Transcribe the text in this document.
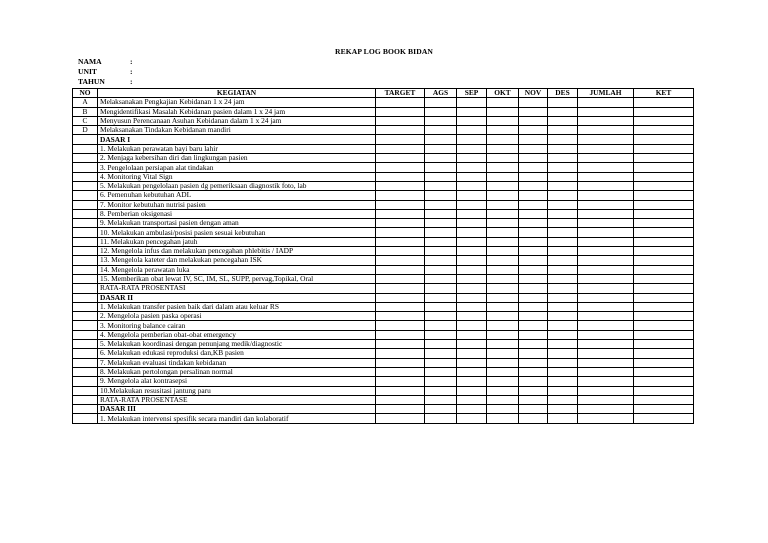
REKAP LOG BOOK BIDAN
NAMA	:
UNIT	:
TAHUN	:
NO	KEGIATAN	TARGET	AGS	SEP	OKT	NOV	DES	JUMLAH	KET
A	Melaksanakan Pengkajian Kebidanan 1 x 24 jam								
B	Mengidentifikasi Masalah Kebidanan pasien dalam 1 x 24 jam								
C	Menyusun Perencanaan Asuhan Kebidanan dalam 1 x 24 jam								
D	Melaksanakan Tindakan Kebidanan mandiri								
	DASAR I								
	1. Melakukan perawatan bayi baru lahir								
	2. Menjaga kebersihan diri dan lingkungan pasien								
	3. Pengelolaan persiapan alat tindakan								
	4. Monitoring Vital Sign								
	5. Melakukan pengelolaan pasien dg pemeriksaan diagnostik foto, lab								
	6. Pemenuhan kebutuhan ADL								
	7. Monitor kebutuhan nutrisi pasien								
	8. Pemberian oksigenasi								
	9. Melakukan transportasi pasien dengan aman								
	10. Melakukan ambulasi/posisi pasien sesuai kebutuhan								
	11. Melakukan pencegahan jatuh								
	12. Mengelola infus dan melakukan pencegahan phlebitis / IADP								
	13. Mengelola kateter dan melakukan pencegahan ISK								
	14. Mengelola perawatan luka								
	15. Memberikan obat lewat IV, SC, IM, SL, SUPP, pervag,Topikal, Oral								
	RATA-RATA PROSENTASI								
	DASAR II								
	1. Melakukan transfer pasien baik dari dalam atau keluar RS								
	2. Mengelola pasien paska operasi								
	3. Monitoring balance cairan								
	4. Mengelola pemberian obat-obat emergency								
	5. Melakukan koordinasi dengan penunjang medik/diagnostic								
	6. Melakukan edukasi reproduksi dan,KB pasien								
	7. Melakukan evaluasi tindakan kebidanan								
	8. Melakukan pertolongan persalinan normal								
	9. Mengelola alat kontrasepsi								
	10.Melakukan resusitasi jantung paru								
	RATA-RATA PROSENTASE								
	DASAR III								
	1. Melakukan intervensi spesifik secara mandiri dan kolaboratif								
